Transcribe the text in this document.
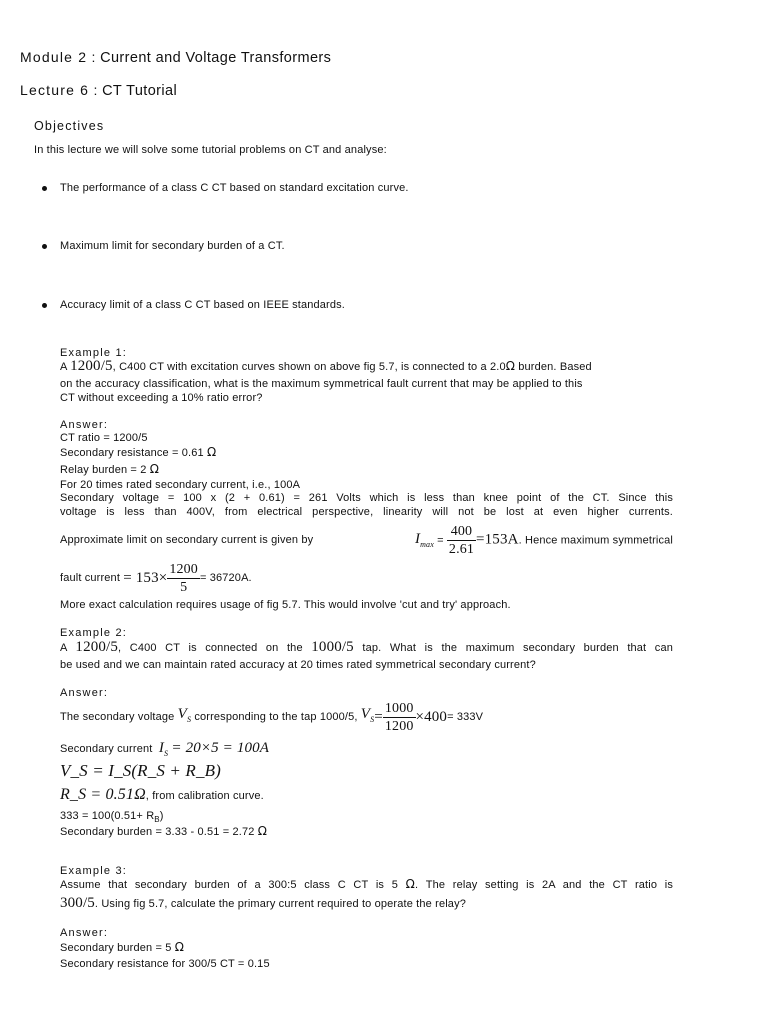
Module 2 : Current and Voltage Transformers
Lecture 6 : CT Tutorial
Objectives
In this lecture we will solve some tutorial problems on CT and analyse:
The performance of a class C CT based on standard excitation curve.
Maximum limit for secondary burden of a CT.
Accuracy limit of a class C CT based on IEEE standards.
Example 1:
A 1200/5, C400 CT with excitation curves shown on above fig 5.7, is connected to a 2.0Ω burden. Based
on the accuracy classification, what is the maximum symmetrical fault current that may be applied to this
CT without exceeding a 10% ratio error?
Answer:
CT ratio = 1200/5
Secondary resistance = 0.61 Ω
Relay burden = 2 Ω
For 20 times rated secondary current, i.e., 100A
Secondary voltage = 100 x (2 + 0.61) = 261 Volts which is less than knee point of the CT. Since this
voltage is less than 400V, from electrical perspective, linearity will not be lost at even higher currents.
Approximate limit on secondary current is given by	$I_{max} = \frac{400}{2.61} =153A$. Hence maximum symmetrical
fault current
= $153\times \frac{1200}{5} = 36720A$.
More exact calculation requires usage of fig 5.7. This would involve 'cut and try' approach.
Example 2:
A 1200/5, C400 CT is connected on the 1000/5 tap. What is the maximum secondary burden that can
be used and we can maintain rated accuracy at 20 times rated symmetrical secondary current?
Answer:
The secondary voltage
$V_S$
corresponding to the tap 1000/5,
$V_S = \frac{1000}{1200} \times 400 = 333V$
Secondary current $I_S = 20\times 5 = 100A$
V_S = I_S(R_S + R_B)
R_S = 0.51Ω, from calibration curve.
$333 = 100(0.51+ R_B)$
Secondary burden = 3.33 - 0.51 = 2.72 Ω
Example 3:
Assume that secondary burden of a 300:5 class C CT is 5 Ω. The relay setting is 2A and the CT ratio is
300/5. Using fig 5.7, calculate the primary current required to operate the relay?
Answer:
Secondary burden = 5 Ω
Secondary resistance for 300/5 CT = 0.15
